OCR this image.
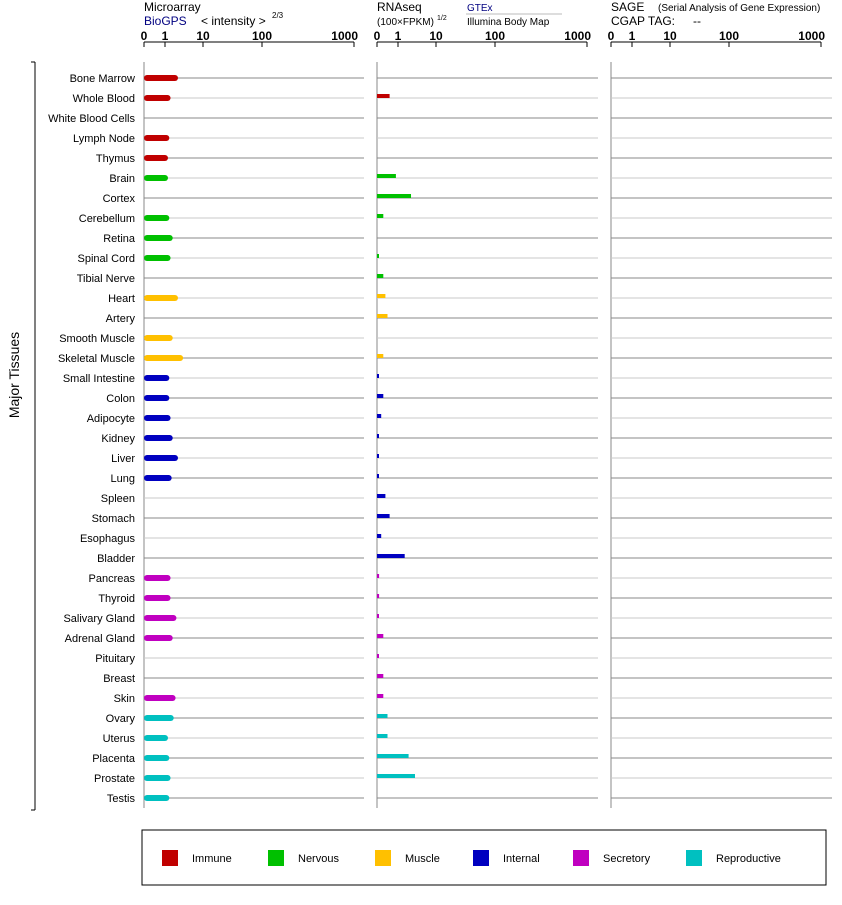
Microarray
BioGPS < intensity > 2/3
RNAseq
(100×FPKM) 1/2
GTEx
Illumina Body Map
SAGE (Serial Analysis of Gene Expression)
CGAP TAG: --
Major Tissues
0 1 10	100	1000 0 1 10	100	1000 0 1 10	100	1000
Bone Marrow
Whole Blood
White Blood Cells
Lymph Node
Thymus
Brain
Cortex
Cerebellum
Retina
Spinal Cord
Tibial Nerve
Heart
Artery
Smooth Muscle
Skeletal Muscle
Small Intestine
Colon
Adipocyte
Kidney
Liver
Lung
Spleen
Stomach
Esophagus
Bladder
Pancreas
Thyroid
Salivary Gland
Adrenal Gland
Pituitary
Breast
Skin
Ovary
Uterus
Placenta
Prostate
Testis
Immune	Nervous	Muscle	Internal	Secretory	Reproductive
